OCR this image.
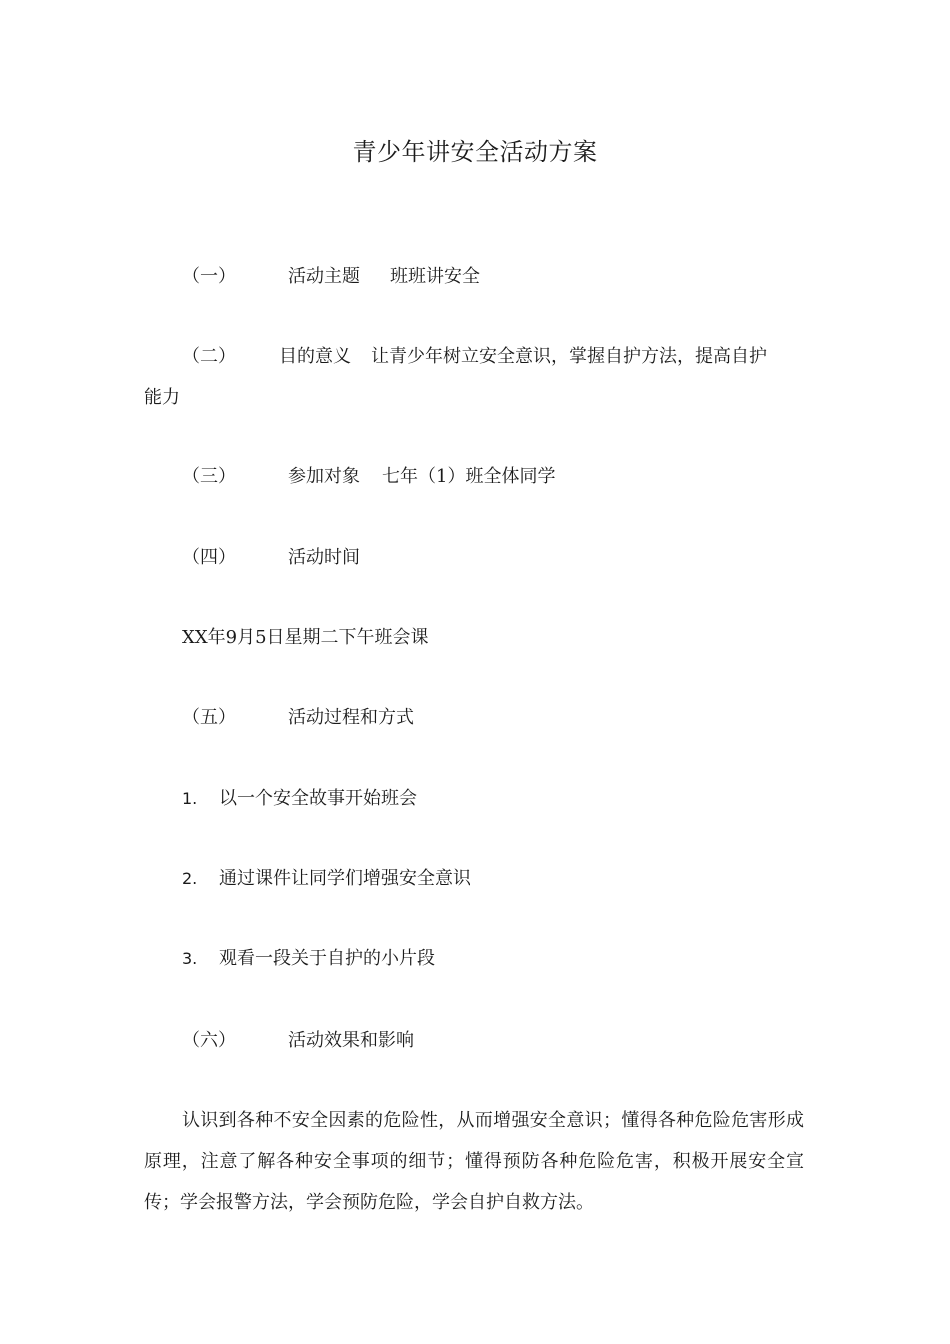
青少年讲安全活动方案
（一）	活动主题 班班讲安全
（二） 目的意义 让青少年树立安全意识，掌握自护方法，提高自护
能力
（三）	参加对象 七年（1）班全体同学
（四）	活动时间
XX年9月5日星期二下午班会课
（五）	活动过程和方式
1. 以一个安全故事开始班会
2. 通过课件让同学们增强安全意识
3. 观看一段关于自护的小片段
（六）	活动效果和影响
认识到各种不安全因素的危险性，从而增强安全意识；懂得各种危险危害形成原理，注意了解各种安全事项的细节；懂得预防各种危险危害，积极开展安全宣传；学会报警方法，学会预防危险，学会自护自救方法。
